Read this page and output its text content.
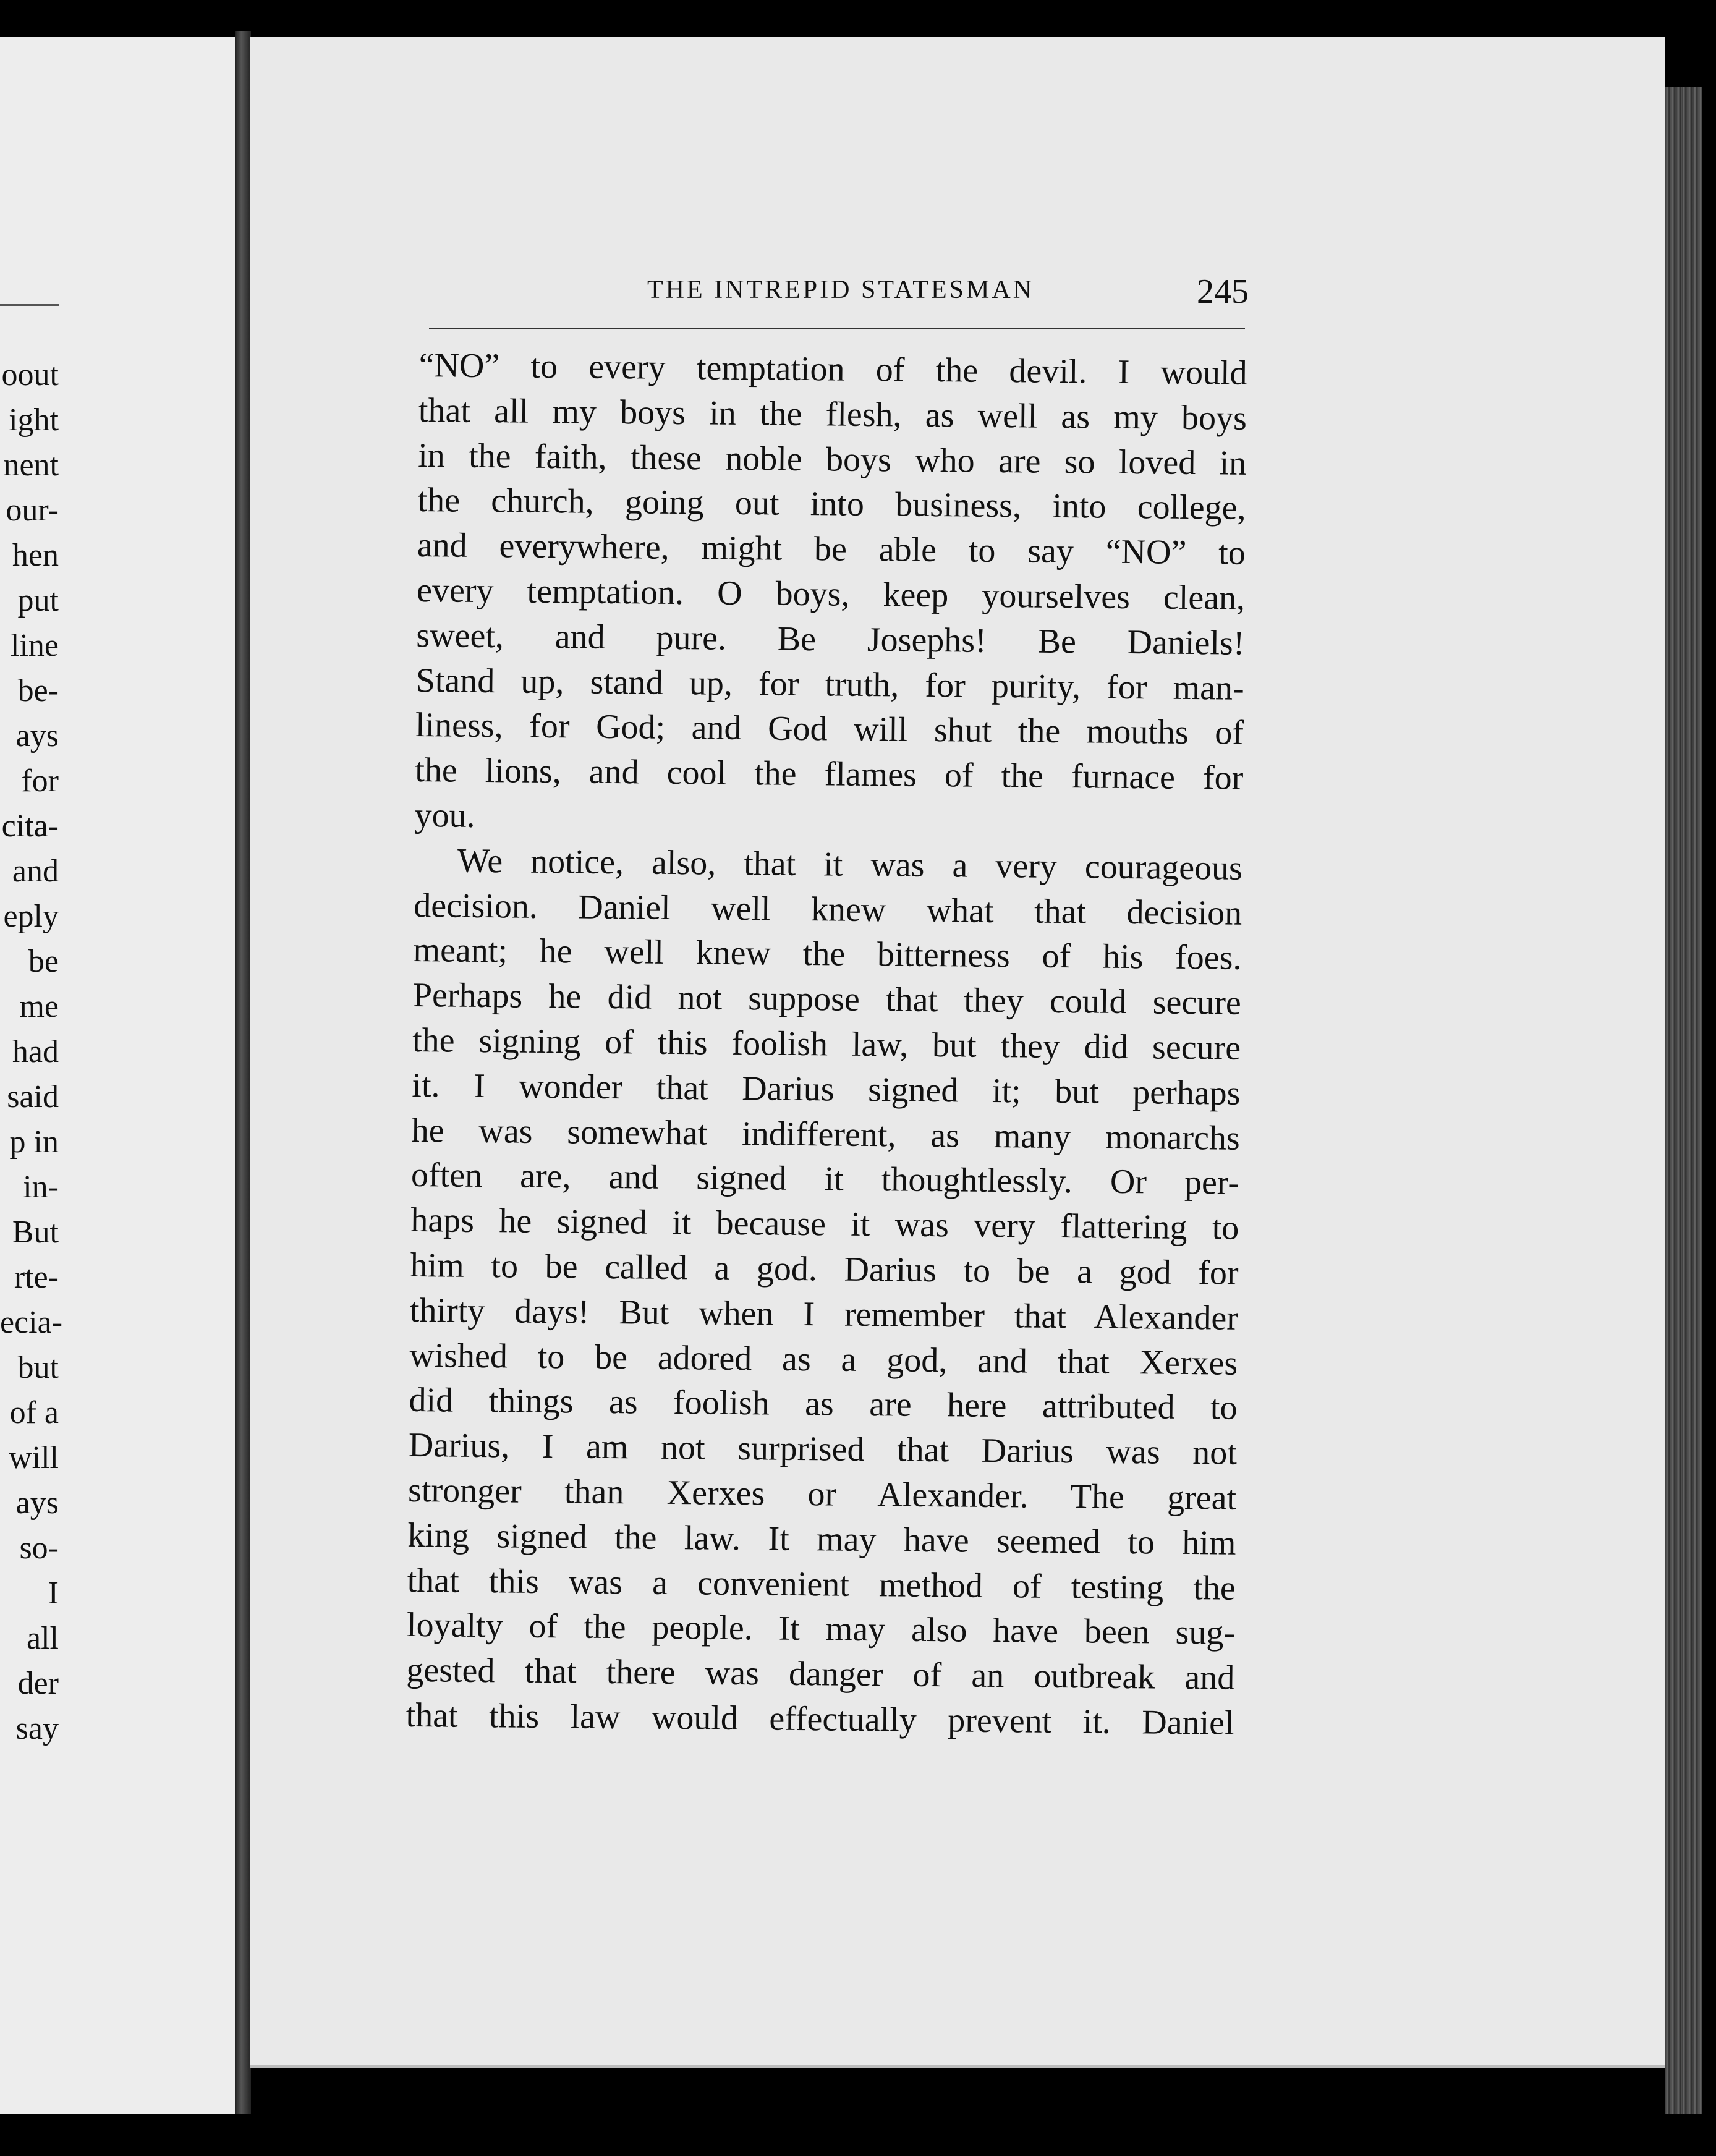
oout
ight
nent
our-
hen
put
line
be-
ays
for
cita-
and
eply
be
me
had
said
p in
in-
But
rte-
ecia-
but
of a
will
ays
so-
I
all
der
say
THE INTREPID STATESMAN	245
“NO” to every temptation of the devil. I would
that all my boys in the flesh, as well as my boys
in the faith, these noble boys who are so loved in
the church, going out into business, into college,
and everywhere, might be able to say “NO” to
every temptation. O boys, keep yourselves clean,
sweet, and pure. Be Josephs! Be Daniels!
Stand up, stand up, for truth, for purity, for man-
liness, for God; and God will shut the mouths of
the lions, and cool the flames of the furnace for
you.
We notice, also, that it was a very courageous
decision. Daniel well knew what that decision
meant; he well knew the bitterness of his foes.
Perhaps he did not suppose that they could secure
the signing of this foolish law, but they did secure
it. I wonder that Darius signed it; but perhaps
he was somewhat indifferent, as many monarchs
often are, and signed it thoughtlessly. Or per-
haps he signed it because it was very flattering to
him to be called a god. Darius to be a god for
thirty days! But when I remember that Alexander
wished to be adored as a god, and that Xerxes
did things as foolish as are here attributed to
Darius, I am not surprised that Darius was not
stronger than Xerxes or Alexander. The great
king signed the law. It may have seemed to him
that this was a convenient method of testing the
loyalty of the people. It may also have been sug-
gested that there was danger of an outbreak and
that this law would effectually prevent it. Daniel
